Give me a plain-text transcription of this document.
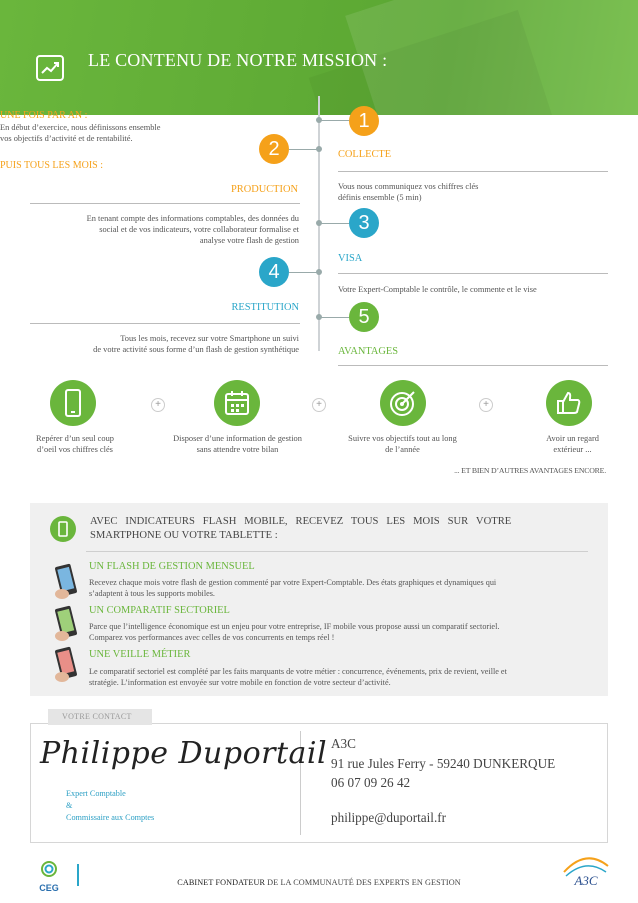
LE CONTENU DE NOTRE MISSION :
UNE FOIS PAR AN :
En début d’exercice, nous définissons ensemble
vos objectifs d’activité et de rentabilité.
PUIS TOUS LES MOIS :
1
COLLECTE
Vous nous communiquez vos chiffres clés
définis ensemble (5 min)
2
PRODUCTION
En tenant compte des informations comptables, des données du
social et de vos indicateurs, votre collaborateur formalise et
analyse votre flash de gestion
3
VISA
Votre Expert-Comptable le contrôle, le commente et le vise
4
RESTITUTION
Tous les mois, recevez sur votre Smartphone un suivi
de votre activité sous forme d’un flash de gestion synthétique
5
AVANTAGES
+	+	+
Repérer d’un seul coup
d’oeil vos chiffres clés
Disposer d’une information de gestion
sans attendre votre bilan
Suivre vos objectifs tout au long
de l’année
Avoir un regard
extérieur ...
... ET BIEN D’AUTRES AVANTAGES ENCORE.
AVEC   INDICATEURS   FLASH   MOBILE,   RECEVEZ   TOUS   LES   MOIS   SUR   VOTRE
SMARTPHONE OU VOTRE TABLETTE :
UN FLASH DE GESTION MENSUEL
Recevez chaque mois votre flash de gestion commenté par votre Expert-Comptable. Des états graphiques et dynamiques qui
s’adaptent à tous les supports mobiles.
UN COMPARATIF SECTORIEL
Parce que l’intelligence économique est un enjeu pour votre entreprise, IF mobile vous propose aussi un comparatif sectoriel.
Comparez vos performances avec celles de vos concurrents en temps réel !
UNE VEILLE MÉTIER
Le comparatif sectoriel est complété par les faits marquants de votre métier : concurrence, événements, prix de revient, veille et
stratégie. L’information est envoyée sur votre mobile en fonction de votre secteur d’activité.
VOTRE CONTACT
Philippe Duportail
Expert Comptable
&
Commissaire aux Comptes
A3C
91 rue Jules Ferry - 59240 DUNKERQUE
06 07 09 26 42
philippe@duportail.fr
CEG
CABINET FONDATEUR DE LA COMMUNAUTÉ DES EXPERTS EN GESTION	A3C
